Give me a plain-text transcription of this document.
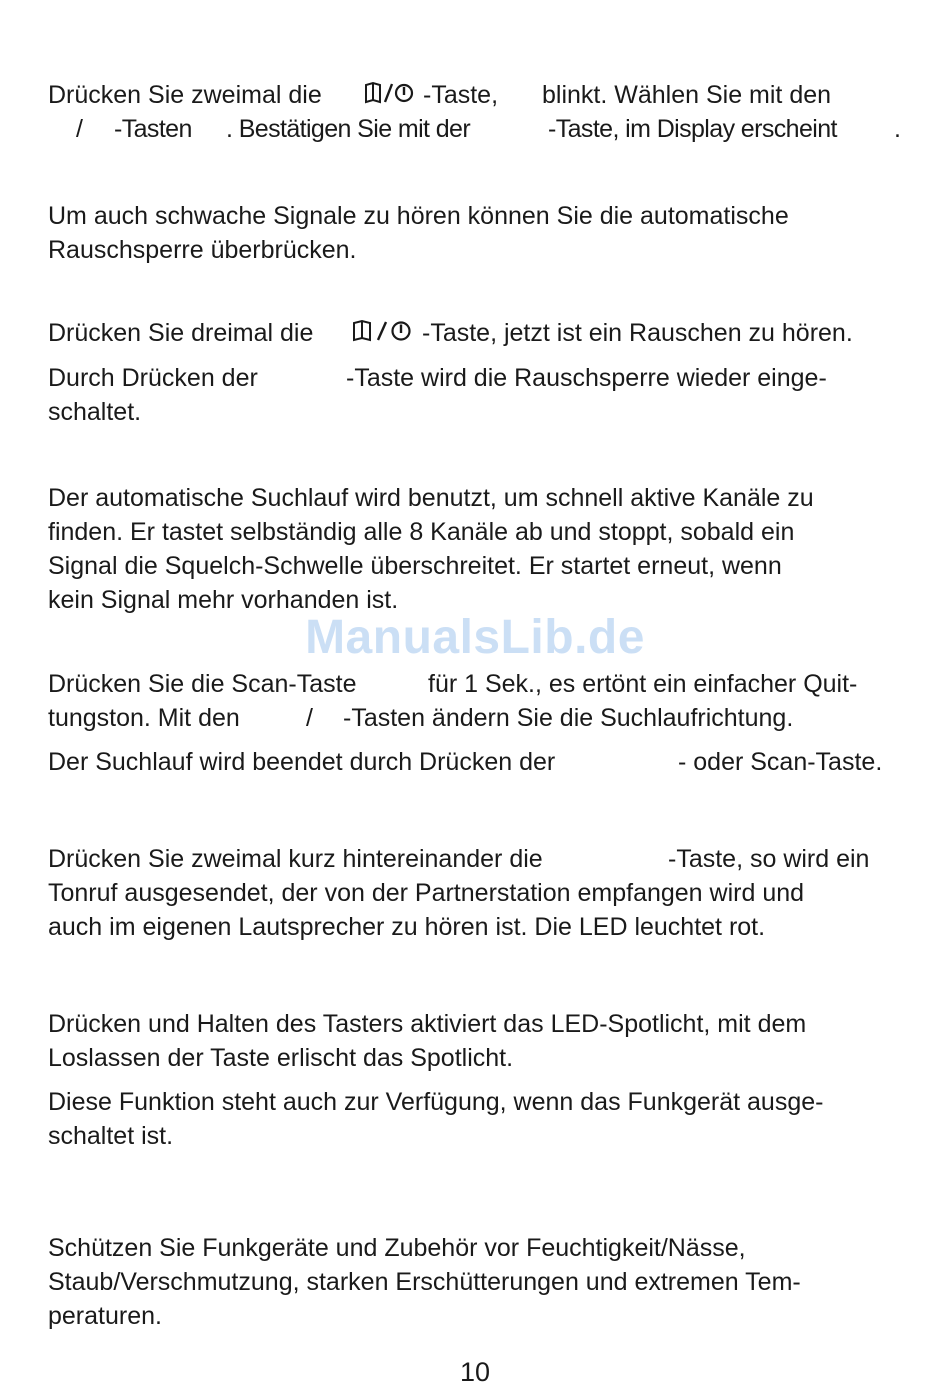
Drücken Sie zweimal die	-Taste, blinkt. Wählen Sie mit den
/ -Tasten . Bestätigen Sie mit der	-Taste, im Display erscheint .

Um auch schwache Signale zu hören können Sie die automatische

Rauschsperre überbrücken.

Drücken Sie dreimal die	-Taste, jetzt ist ein Rauschen zu hören.
Durch Drücken der	-Taste wird die Rauschsperre wieder einge-

schaltet.

Der automatische Suchlauf wird benutzt, um schnell aktive Kanäle zu

finden. Er tastet selbständig alle 8 Kanäle ab und stoppt, sobald ein

Signal die Squelch-Schwelle überschreitet. Er startet erneut, wenn

kein Signal mehr vorhanden ist.

ManualsLib.de
Drücken Sie die Scan-Taste	für 1 Sek., es ertönt ein einfacher Quit-
tungston. Mit den	/ -Tasten ändern Sie die Suchlaufrichtung.
Der Suchlauf wird beendet durch Drücken der	- oder Scan-Taste.
Drücken Sie zweimal kurz hintereinander die	-Taste, so wird ein

Tonruf ausgesendet, der von der Partnerstation empfangen wird und

auch im eigenen Lautsprecher zu hören ist. Die LED leuchtet rot.

Drücken und Halten des Tasters aktiviert das LED-Spotlicht, mit dem

Loslassen der Taste erlischt das Spotlicht.

Diese Funktion steht auch zur Verfügung, wenn das Funkgerät ausge-

schaltet ist.

Schützen Sie Funkgeräte und Zubehör vor Feuchtigkeit/Nässe,

Staub/Verschmutzung, starken Erschütterungen und extremen Tem-

peraturen.

10
